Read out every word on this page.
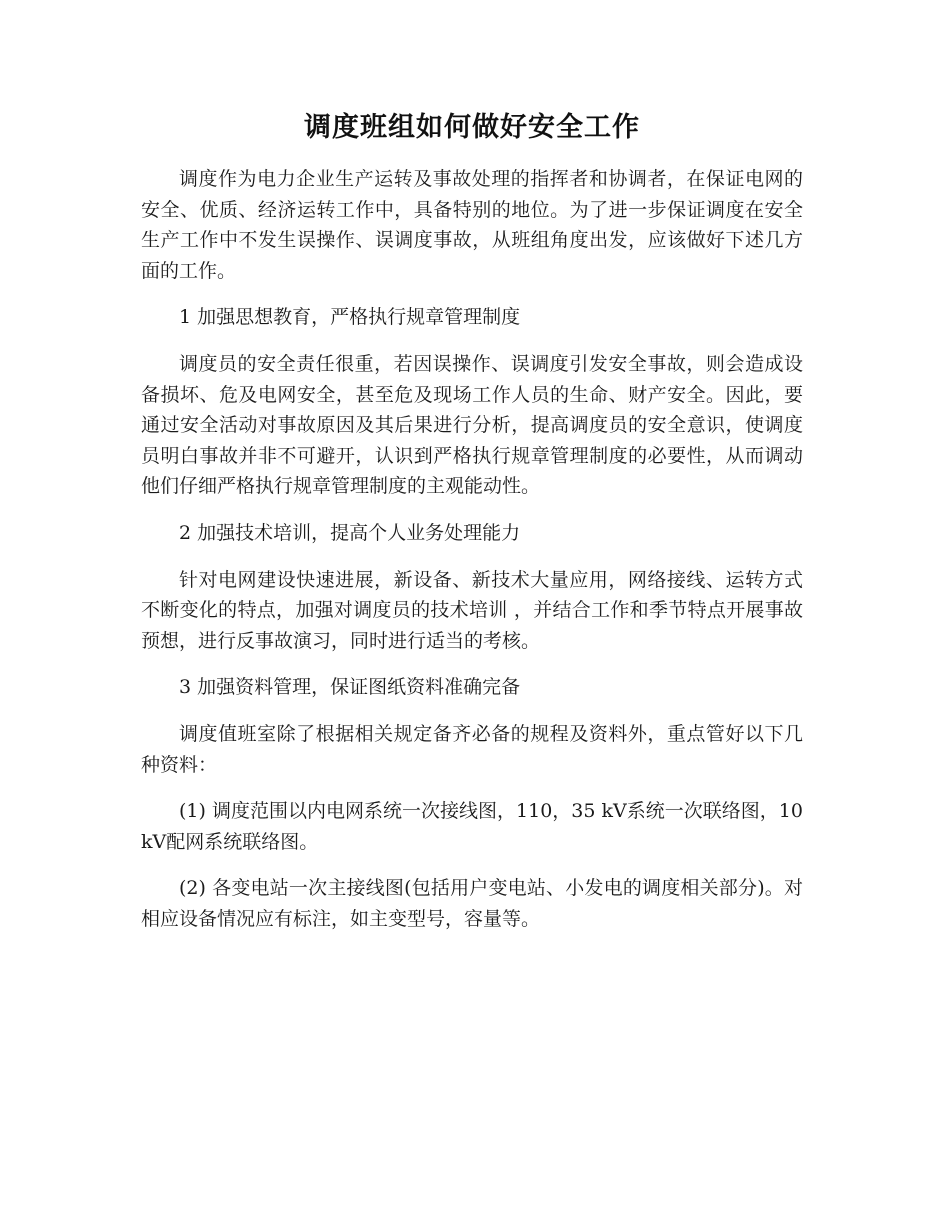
调度班组如何做好安全工作

调度作为电力企业生产运转及事故处理的指挥者和协调者，在保证电网的安全、优质、经济运转工作中，具备特别的地位。为了进一步保证调度在安全生产工作中不发生误操作、误调度事故，从班组角度出发，应该做好下述几方面的工作。

1 加强思想教育，严格执行规章管理制度

调度员的安全责任很重，若因误操作、误调度引发安全事故，则会造成设备损坏、危及电网安全，甚至危及现场工作人员的生命、财产安全。因此，要通过安全活动对事故原因及其后果进行分析，提高调度员的安全意识，使调度员明白事故并非不可避开，认识到严格执行规章管理制度的必要性，从而调动他们仔细严格执行规章管理制度的主观能动性。

2 加强技术培训，提高个人业务处理能力

针对电网建设快速进展，新设备、新技术大量应用，网络接线、运转方式不断变化的特点，加强对调度员的技术培训 ，并结合工作和季节特点开展事故预想，进行反事故演习，同时进行适当的考核。

3 加强资料管理，保证图纸资料准确完备

调度值班室除了根据相关规定备齐必备的规程及资料外，重点管好以下几种资料：

(1) 调度范围以内电网系统一次接线图，110，35 kV系统一次联络图，10 kV配网系统联络图。

(2) 各变电站一次主接线图(包括用户变电站、小发电的调度相关部分)。对相应设备情况应有标注，如主变型号，容量等。
